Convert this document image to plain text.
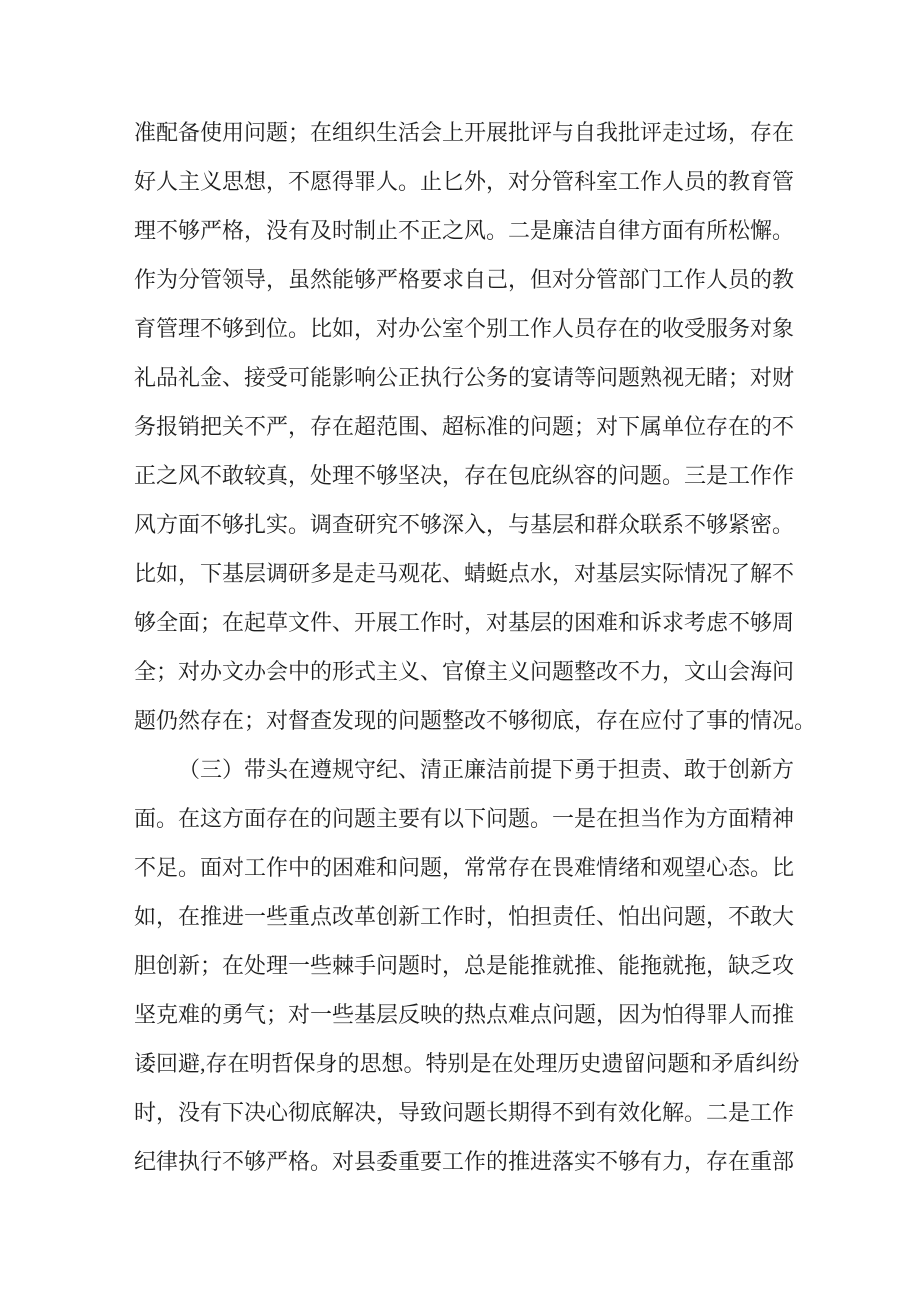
准配备使用问题；在组织生活会上开展批评与自我批评走过场，存在
好人主义思想，不愿得罪人。止匕外，对分管科室工作人员的教育管
理不够严格，没有及时制止不正之风。二是廉洁自律方面有所松懈。
作为分管领导，虽然能够严格要求自己，但对分管部门工作人员的教
育管理不够到位。比如，对办公室个别工作人员存在的收受服务对象
礼品礼金、接受可能影响公正执行公务的宴请等问题熟视无睹；对财
务报销把关不严，存在超范围、超标准的问题；对下属单位存在的不
正之风不敢较真，处理不够坚决，存在包庇纵容的问题。三是工作作
风方面不够扎实。调查研究不够深入，与基层和群众联系不够紧密。
比如，下基层调研多是走马观花、蜻蜓点水，对基层实际情况了解不
够全面；在起草文件、开展工作时，对基层的困难和诉求考虑不够周
全；对办文办会中的形式主义、官僚主义问题整改不力，文山会海问
题仍然存在；对督查发现的问题整改不够彻底，存在应付了事的情况。
（三）带头在遵规守纪、清正廉洁前提下勇于担责、敢于创新方
面。在这方面存在的问题主要有以下问题。一是在担当作为方面精神
不足。面对工作中的困难和问题，常常存在畏难情绪和观望心态。比
如，在推进一些重点改革创新工作时，怕担责任、怕出问题，不敢大
胆创新；在处理一些棘手问题时，总是能推就推、能拖就拖，缺乏攻
坚克难的勇气；对一些基层反映的热点难点问题，因为怕得罪人而推
诿回避,存在明哲保身的思想。特别是在处理历史遗留问题和矛盾纠纷
时，没有下决心彻底解决，导致问题长期得不到有效化解。二是工作
纪律执行不够严格。对县委重要工作的推进落实不够有力，存在重部
